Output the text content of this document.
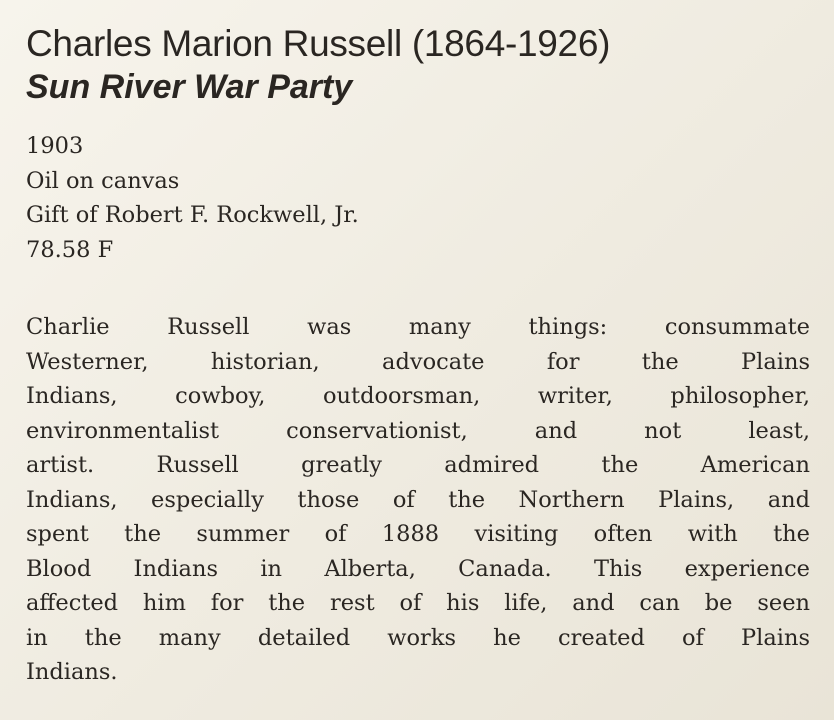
Charles Marion Russell (1864-1926)
Sun River War Party
1903
Oil on canvas
Gift of Robert F. Rockwell, Jr.
78.58 F
Charlie Russell was many things: consummate
Westerner, historian, advocate for the Plains
Indians, cowboy, outdoorsman, writer, philosopher,
environmentalist conservationist, and not least,
artist. Russell greatly admired the American
Indians, especially those of the Northern Plains, and
spent the summer of 1888 visiting often with the
Blood Indians in Alberta, Canada. This experience
affected him for the rest of his life, and can be seen
in the many detailed works he created of Plains
Indians.
